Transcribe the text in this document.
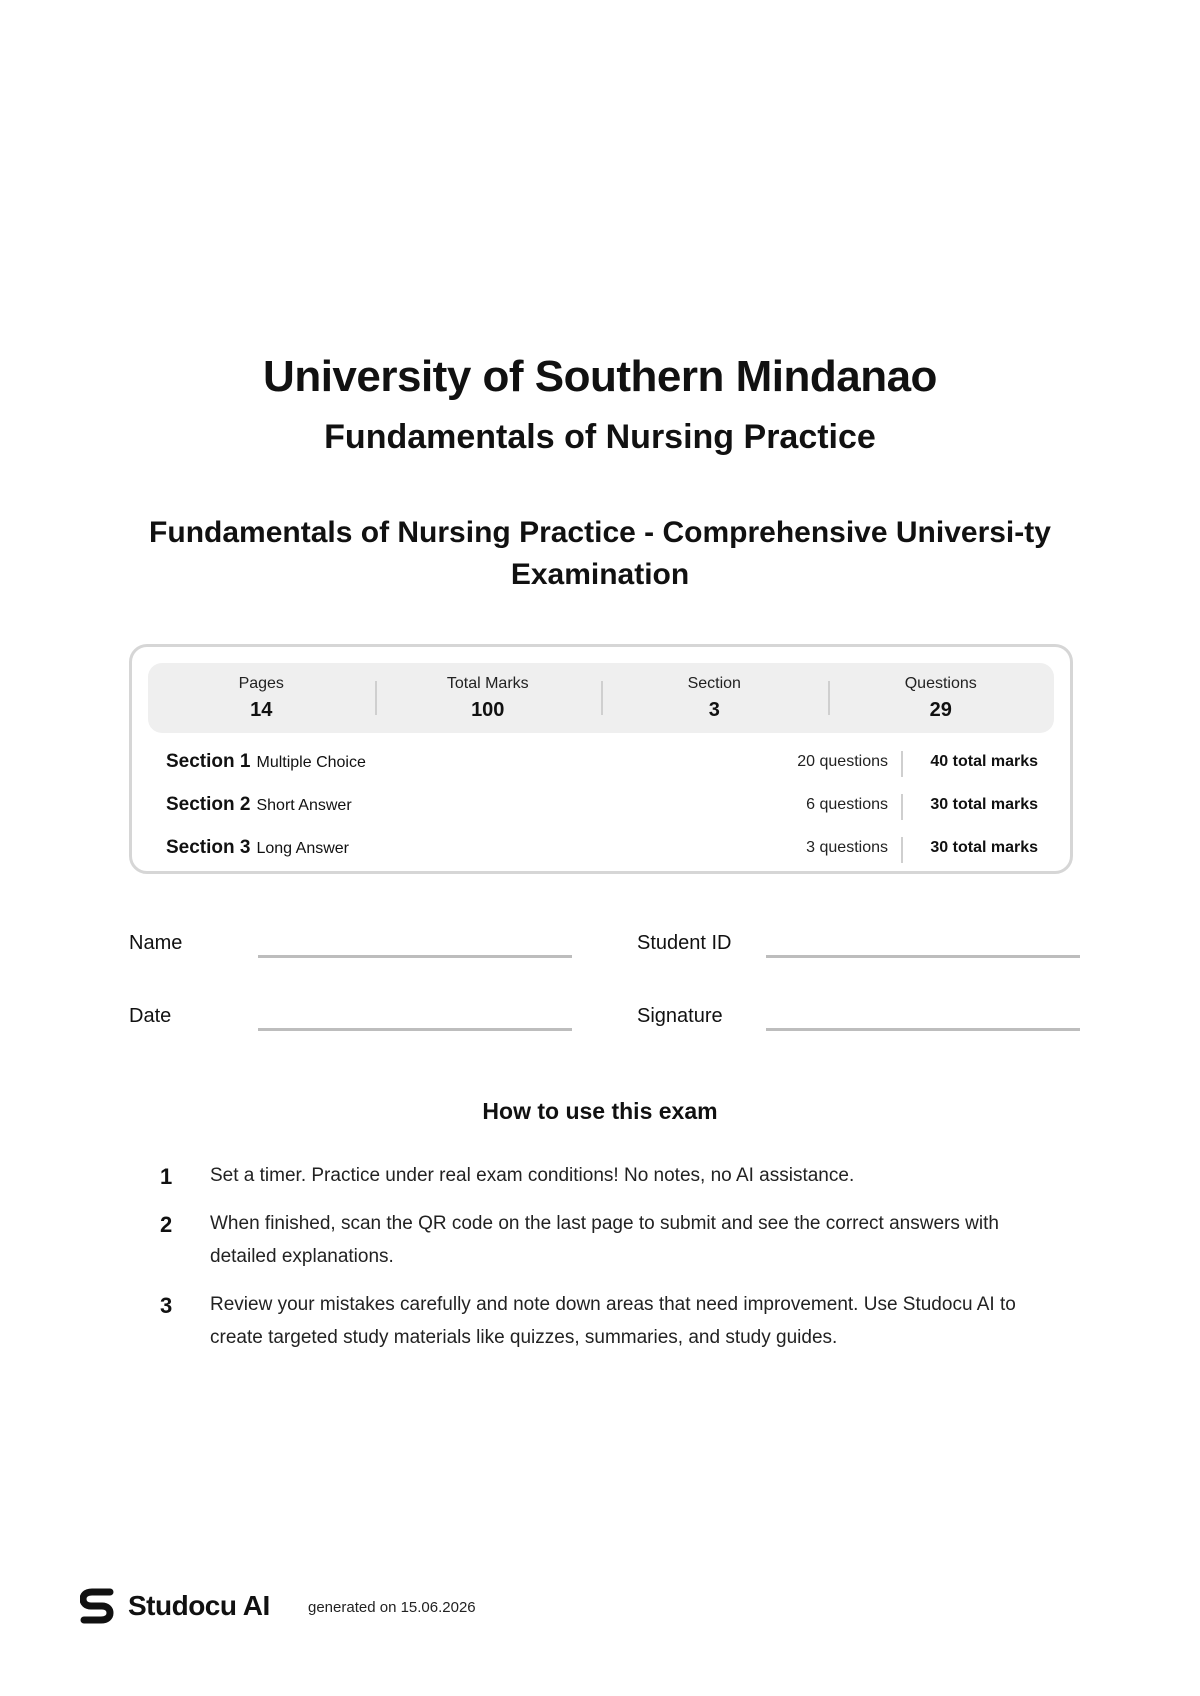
University of Southern Mindanao
Fundamentals of Nursing Practice
Fundamentals of Nursing Practice - Comprehensive Universi-ty Examination
Pages
14
Total Marks
100
Section
3
Questions
29
Section 1 Multiple Choice	20 questions	40 total marks
Section 2 Short Answer	6 questions	30 total marks
Section 3 Long Answer	3 questions	30 total marks
Name	Student ID
Date	Signature
How to use this exam
1 Set a timer. Practice under real exam conditions! No notes, no AI assistance.
2 When finished, scan the QR code on the last page to submit and see the correct answers with detailed explanations.
3 Review your mistakes carefully and note down areas that need improvement. Use Studocu AI to create targeted study materials like quizzes, summaries, and study guides.
Studocu AI	generated on 15.06.2026
